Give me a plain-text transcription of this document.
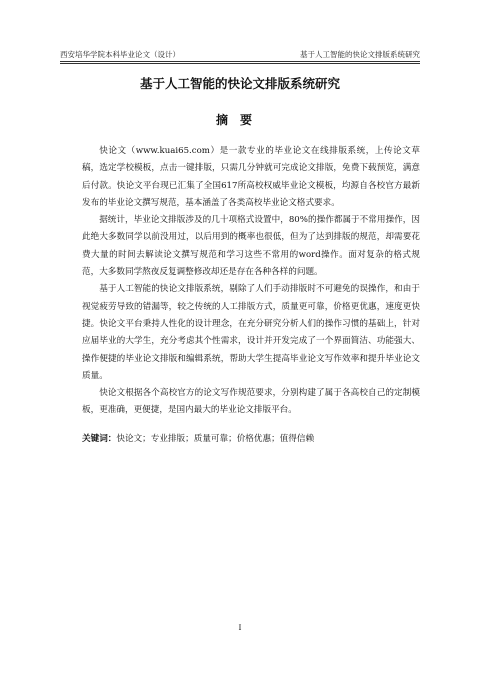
西安培华学院本科毕业论文（设计）	基于人工智能的快论文排版系统研究
基于人工智能的快论文排版系统研究
摘要

快论文（www.kuai65.com）是一款专业的毕业论文在线排版系统，上传论文草稿，选定学校模板，点击一键排版，只需几分钟就可完成论文排版，免费下载预览，满意后付款。快论文平台现已汇集了全国617所高校权威毕业论文模板，均源自各校官方最新发布的毕业论文撰写规范，基本涵盖了各类高校毕业论文格式要求。

据统计，毕业论文排版涉及的几十项格式设置中，80%的操作都属于不常用操作，因此绝大多数同学以前没用过，以后用到的概率也很低，但为了达到排版的规范，却需要花费大量的时间去解读论文撰写规范和学习这些不常用的word操作。面对复杂的格式规范，大多数同学熬夜反复调整修改却还是存在各种各样的问题。

基于人工智能的快论文排版系统，剔除了人们手动排版时不可避免的误操作，和由于视觉疲劳导致的错漏等，较之传统的人工排版方式，质量更可靠，价格更优惠，速度更快捷。快论文平台秉持人性化的设计理念，在充分研究分析人们的操作习惯的基础上，针对应届毕业的大学生，充分考虑其个性需求，设计并开发完成了一个界面简洁、功能强大、操作便捷的毕业论文排版和编辑系统，帮助大学生提高毕业论文写作效率和提升毕业论文质量。

快论文根据各个高校官方的论文写作规范要求，分别构建了属于各高校自己的定制模板，更准确，更便捷，是国内最大的毕业论文排版平台。

关键词：快论文；专业排版；质量可靠；价格优惠；值得信赖

I
